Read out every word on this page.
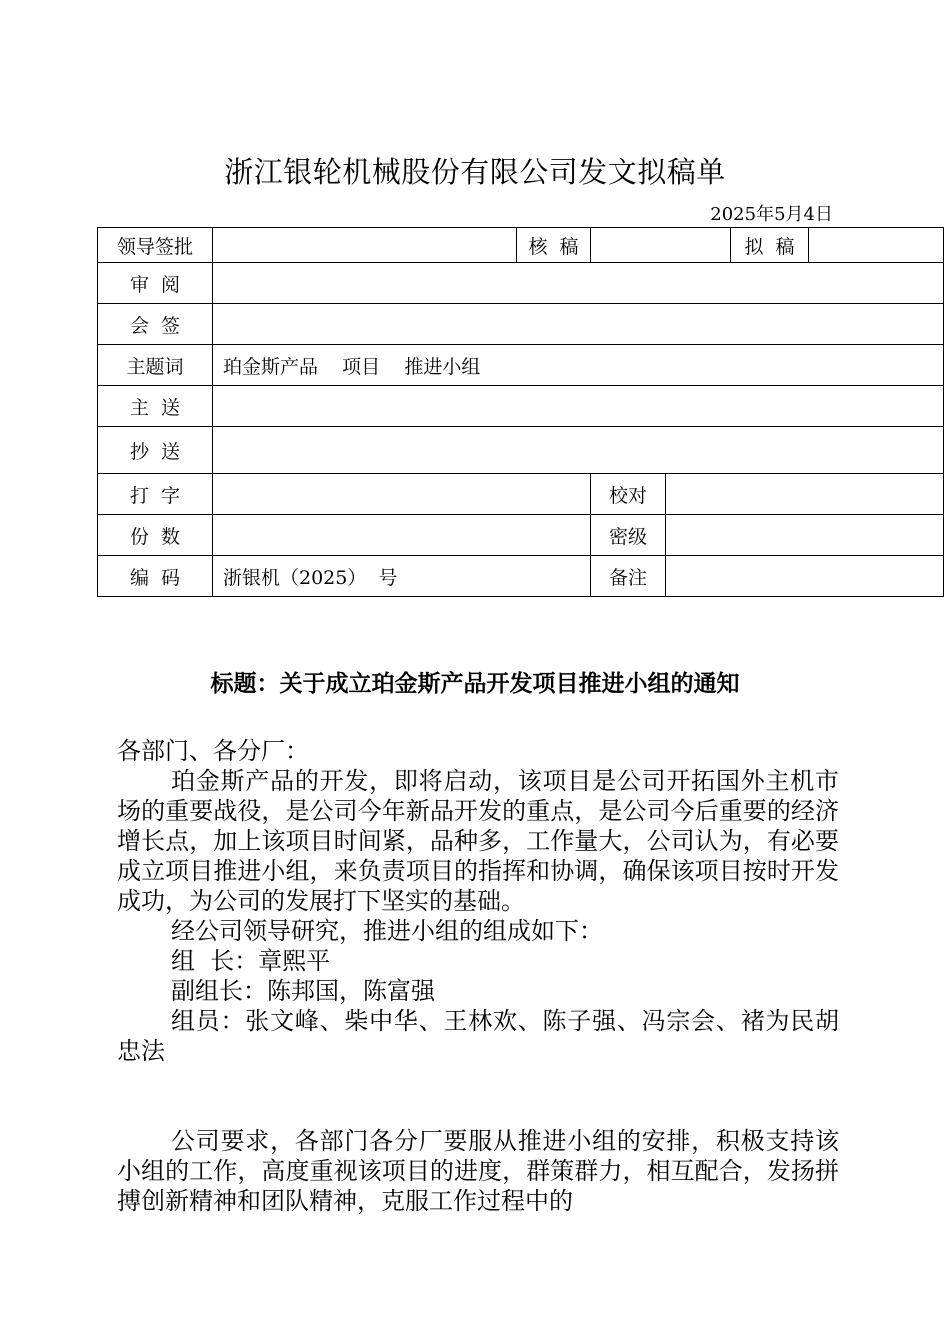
浙江银轮机械股份有限公司发文拟稿单
2025年5月4日
领导签批		核  稿		拟  稿	
审  阅					
会  签					
主题词	珀金斯产品    项目    推进小组				
主  送					
抄  送					
打  字			校对		

份  数			密级		

编  码	浙银机（2025）  号		备注		
标题：关于成立珀金斯产品开发项目推进小组的通知

各部门、各分厂：

珀金斯产品的开发，即将启动，该项目是公司开拓国外主机市场的重要战役，是公司今年新品开发的重点，是公司今后重要的经济增长点，加上该项目时间紧，品种多，工作量大，公司认为，有必要成立项目推进小组，来负责项目的指挥和协调，确保该项目按时开发成功，为公司的发展打下坚实的基础。

经公司领导研究，推进小组的组成如下：

组  长：章熙平

副组长：陈邦国，陈富强

组员：张文峰、柴中华、王林欢、陈子强、冯宗会、褚为民胡忠法

公司要求，各部门各分厂要服从推进小组的安排，积极支持该小组的工作，高度重视该项目的进度，群策群力，相互配合，发扬拼搏创新精神和团队精神，克服工作过程中的
